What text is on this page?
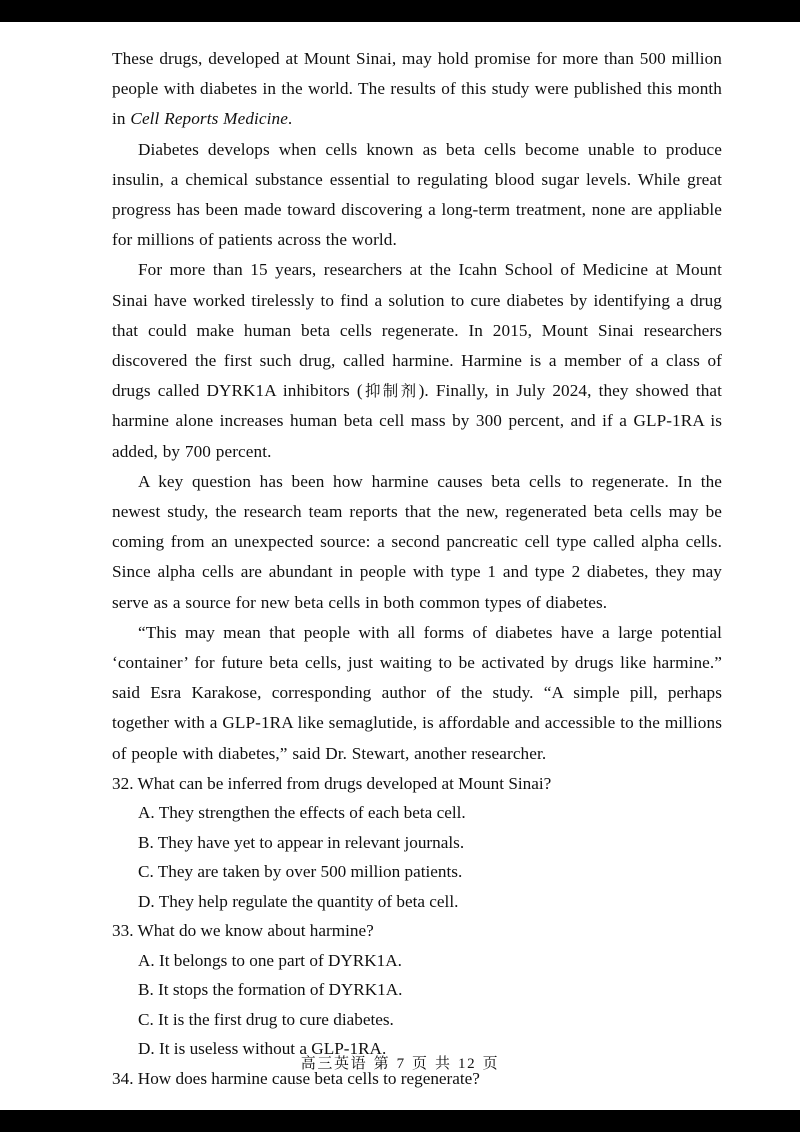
These drugs, developed at Mount Sinai, may hold promise for more than 500 million people with diabetes in the world. The results of this study were published this month in Cell Reports Medicine.

Diabetes develops when cells known as beta cells become unable to produce insulin, a chemical substance essential to regulating blood sugar levels. While great progress has been made toward discovering a long-term treatment, none are appliable for millions of patients across the world.

For more than 15 years, researchers at the Icahn School of Medicine at Mount Sinai have worked tirelessly to find a solution to cure diabetes by identifying a drug that could make human beta cells regenerate. In 2015, Mount Sinai researchers discovered the first such drug, called harmine. Harmine is a member of a class of drugs called DYRK1A inhibitors (抑制剂). Finally, in July 2024, they showed that harmine alone increases human beta cell mass by 300 percent, and if a GLP-1RA is added, by 700 percent.

A key question has been how harmine causes beta cells to regenerate. In the newest study, the research team reports that the new, regenerated beta cells may be coming from an unexpected source: a second pancreatic cell type called alpha cells. Since alpha cells are abundant in people with type 1 and type 2 diabetes, they may serve as a source for new beta cells in both common types of diabetes.

“This may mean that people with all forms of diabetes have a large potential ‘container’ for future beta cells, just waiting to be activated by drugs like harmine.” said Esra Karakose, corresponding author of the study. “A simple pill, perhaps together with a GLP-1RA like semaglutide, is affordable and accessible to the millions of people with diabetes,” said Dr. Stewart, another researcher.

32. What can be inferred from drugs developed at Mount Sinai?

A. They strengthen the effects of each beta cell.

B. They have yet to appear in relevant journals.

C. They are taken by over 500 million patients.

D. They help regulate the quantity of beta cell.

33. What do we know about harmine?

A. It belongs to one part of DYRK1A.

B. It stops the formation of DYRK1A.

C. It is the first drug to cure diabetes.

D. It is useless without a GLP-1RA.

34. How does harmine cause beta cells to regenerate?

高三英语 第 7 页 共 12 页
